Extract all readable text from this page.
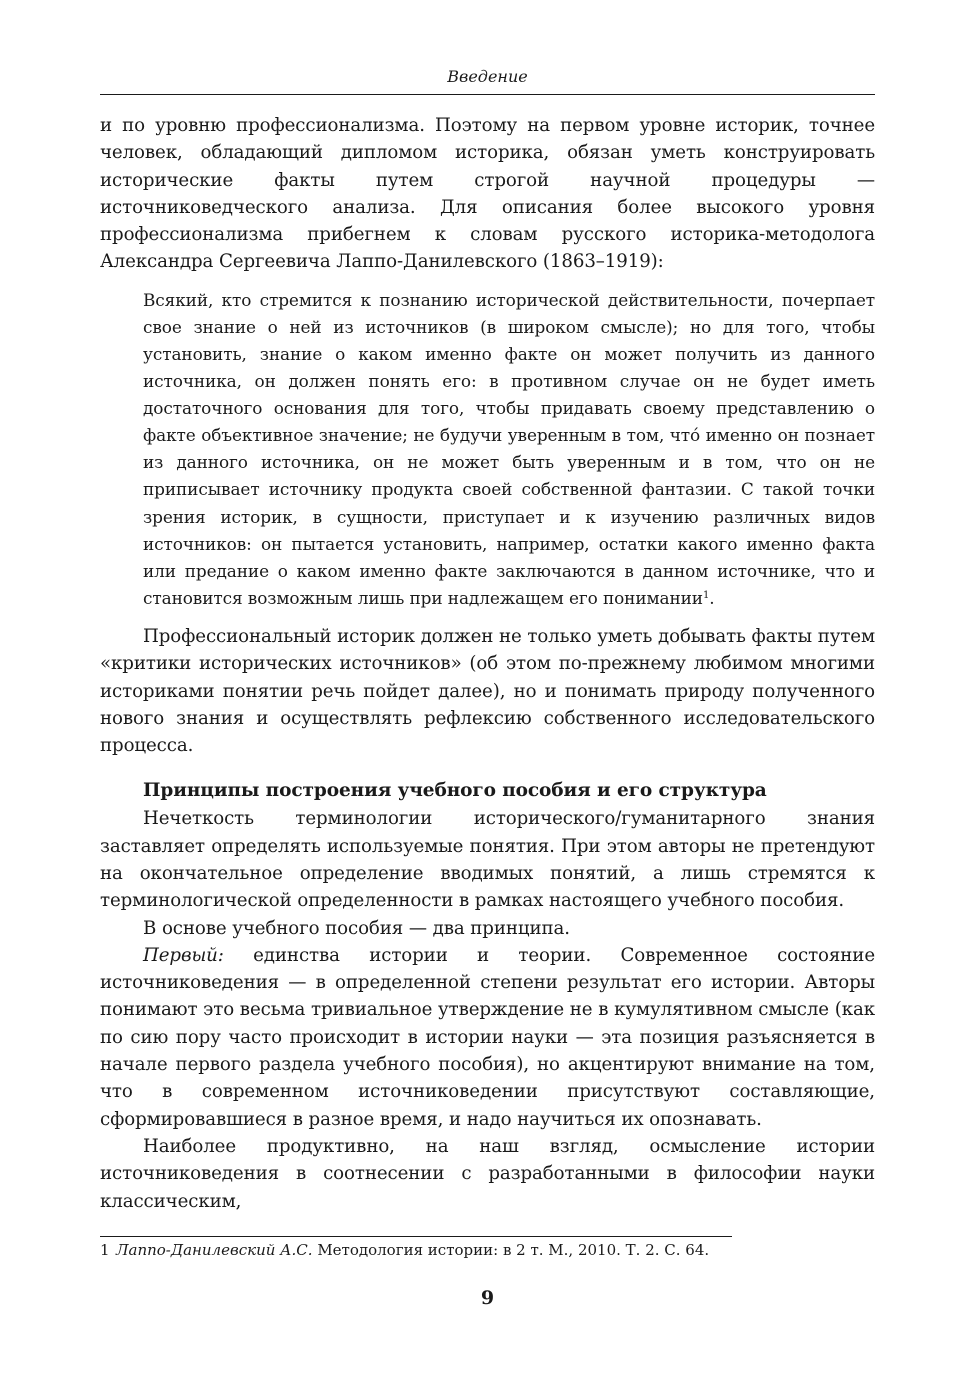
Введение

и по уровню профессионализма. Поэтому на первом уровне историк, точнее человек, обладающий дипломом историка, обязан уметь конструировать исторические факты путем строгой научной процедуры — источниковедческого анализа. Для описания более высокого уровня профессионализма прибегнем к словам русского историка-методолога Александра Сергеевича Лаппо-Данилевского (1863–1919):

Всякий, кто стремится к познанию исторической действительности, почерпает свое знание о ней из источников (в широком смысле); но для того, чтобы установить, знание о каком именно факте он может получить из данного источника, он должен понять его: в противном случае он не будет иметь достаточного основания для того, чтобы придавать своему представлению о факте объективное значение; не будучи уверенным в том, что́ именно он познает из данного источника, он не может быть уверенным и в том, что он не приписывает источнику продукта своей собственной фантазии. С такой точки зрения историк, в сущности, приступает и к изучению различных видов источников: он пытается установить, например, остатки какого именно факта или предание о каком именно факте заключаются в данном источнике, что и становится возможным лишь при надлежащем его понимании$^1$.

Профессиональный историк должен не только уметь добывать факты путем «критики исторических источников» (об этом по-прежнему любимом многими историками понятии речь пойдет далее), но и понимать природу полученного нового знания и осуществлять рефлексию собственного исследовательского процесса.

Принципы построения учебного пособия и его структура

Нечеткость терминологии исторического/гуманитарного знания заставляет определять используемые понятия. При этом авторы не претендуют на окончательное определение вводимых понятий, а лишь стремятся к терминологической определенности в рамках настоящего учебного пособия.

В основе учебного пособия — два принципа.

Первый: единства истории и теории. Современное состояние источниковедения — в определенной степени результат его истории. Авторы понимают это весьма тривиальное утверждение не в кумулятивном смысле (как по сию пору часто происходит в истории науки — эта позиция разъясняется в начале первого раздела учебного пособия), но акцентируют внимание на том, что в современном источниковедении присутствуют составляющие, сформировавшиеся в разное время, и надо научиться их опознавать.

Наиболее продуктивно, на наш взгляд, осмысление истории источниковедения в соотнесении с разработанными в философии науки классическим,

1 Лаппо-Данилевский А.С. Методология истории: в 2 т. М., 2010. Т. 2. С. 64.
9
